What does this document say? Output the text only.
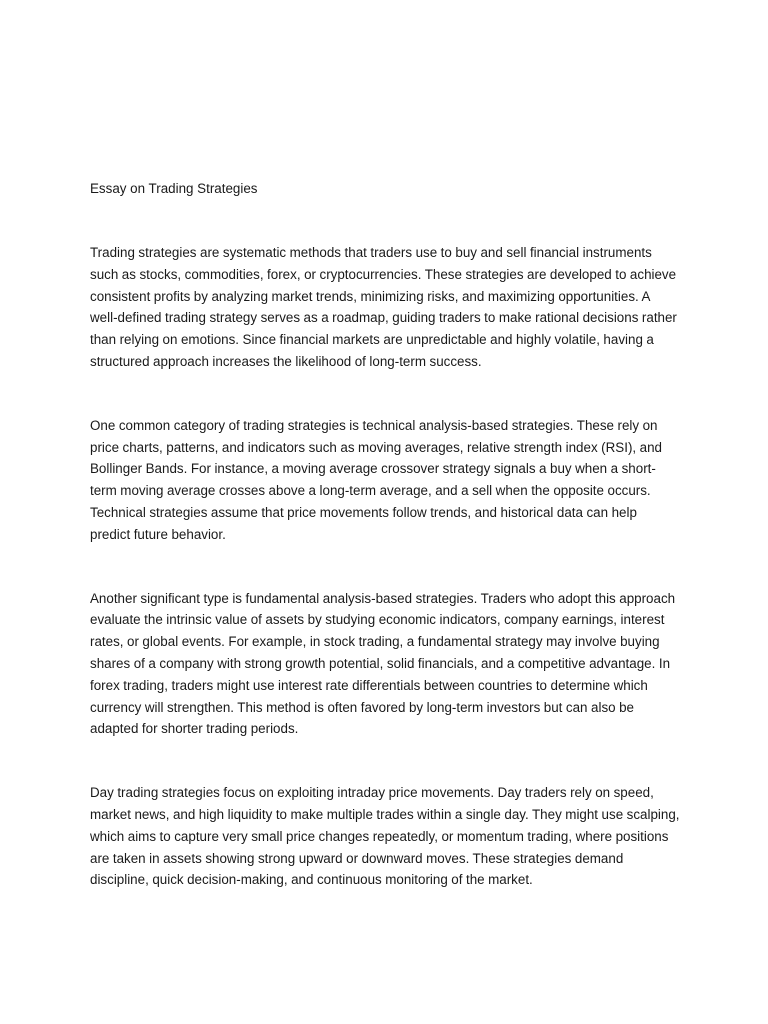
Essay on Trading Strategies

Trading strategies are systematic methods that traders use to buy and sell financial instruments such as stocks, commodities, forex, or cryptocurrencies. These strategies are developed to achieve consistent profits by analyzing market trends, minimizing risks, and maximizing opportunities. A well-defined trading strategy serves as a roadmap, guiding traders to make rational decisions rather than relying on emotions. Since financial markets are unpredictable and highly volatile, having a structured approach increases the likelihood of long-term success.

One common category of trading strategies is technical analysis-based strategies. These rely on price charts, patterns, and indicators such as moving averages, relative strength index (RSI), and Bollinger Bands. For instance, a moving average crossover strategy signals a buy when a short-term moving average crosses above a long-term average, and a sell when the opposite occurs. Technical strategies assume that price movements follow trends, and historical data can help predict future behavior.

Another significant type is fundamental analysis-based strategies. Traders who adopt this approach evaluate the intrinsic value of assets by studying economic indicators, company earnings, interest rates, or global events. For example, in stock trading, a fundamental strategy may involve buying shares of a company with strong growth potential, solid financials, and a competitive advantage. In forex trading, traders might use interest rate differentials between countries to determine which currency will strengthen. This method is often favored by long-term investors but can also be adapted for shorter trading periods.

Day trading strategies focus on exploiting intraday price movements. Day traders rely on speed, market news, and high liquidity to make multiple trades within a single day. They might use scalping, which aims to capture very small price changes repeatedly, or momentum trading, where positions are taken in assets showing strong upward or downward moves. These strategies demand discipline, quick decision-making, and continuous monitoring of the market.
